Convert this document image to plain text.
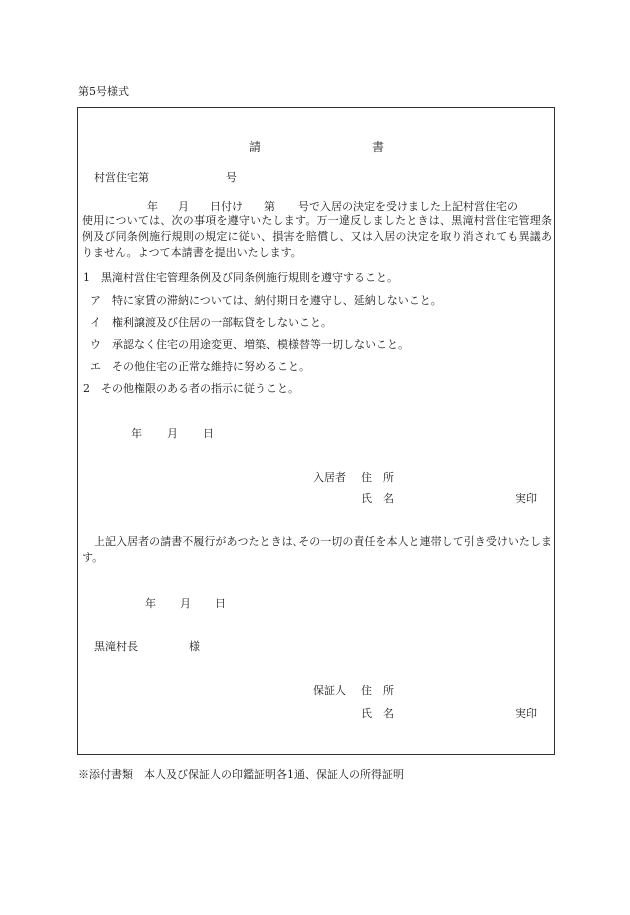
第5号様式
請	書
村営住宅第	号
年 月 日付け 第 号で入居の決定を受けました上記村営住宅の
使用については、次の事項を遵守いたします。万一違反しましたときは、黒滝村営住宅管理条例及び同条例施行規則の規定に従い、損害を賠償し、又は入居の決定を取り消されても異議ありません。よつて本請書を提出いたします。
1　黒滝村営住宅管理条例及び同条例施行規則を遵守すること。
ア　特に家賃の滞納については、納付期日を遵守し、延納しないこと。
イ　権利譲渡及び住居の一部転貸をしないこと。
ウ　承認なく住宅の用途変更、増築、模様替等一切しないこと。
エ　その他住宅の正常な維持に努めること。
2　その他権限のある者の指示に従うこと。
年 月 日
入居者 住　所
氏　名	実印
上記入居者の請書不履行があつたときは､その一切の責任を本人と連帯して引き受けいたします。
年 月 日
黒滝村長	様
保証人 住　所
氏　名	実印
※添付書類　本人及び保証人の印鑑証明各1通、保証人の所得証明
